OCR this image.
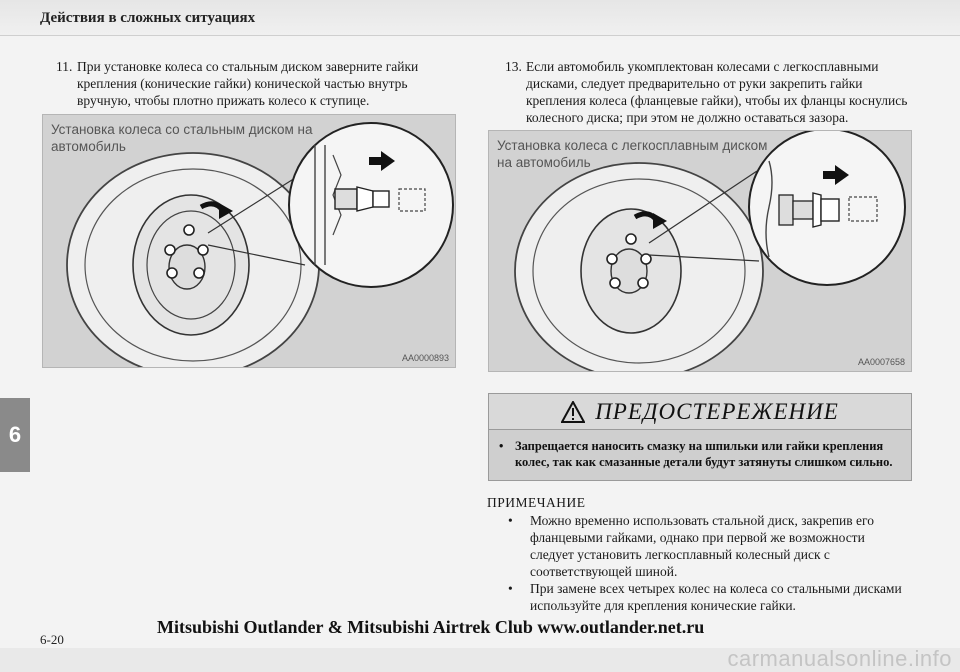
Действия в сложных ситуациях
6
11. При установке колеса со стальным диском заверните гайки крепления (конические гайки) конической частью внутрь вручную, чтобы плотно прижать колесо к ступице.
Установка колеса со стальным диском на автомобиль
AA0000893
13. Если автомобиль укомплектован колесами с легкосплавными дисками, следует предварительно от руки закрепить гайки крепления колеса (фланцевые гайки), чтобы их фланцы коснулись колесного диска; при этом не должно оставаться зазора.
Установка колеса с легкосплавным диском на автомобиль
AA0007658
ПРЕДОСТЕРЕЖЕНИЕ
• Запрещается наносить смазку на шпильки или гайки крепления колес, так как смазанные детали будут затянуты слишком сильно.
ПРИМЕЧАНИЕ
•	Можно временно использовать стальной диск, закрепив его фланцевыми гайками, однако при первой же возможности следует установить легкосплавный колесный диск с соответствующей шиной.
•	При замене всех четырех колес на колеса со стальными дисками используйте для крепления конические гайки.
Mitsubishi Outlander & Mitsubishi Airtrek Club www.outlander.net.ru
6-20
carmanualsonline.info
